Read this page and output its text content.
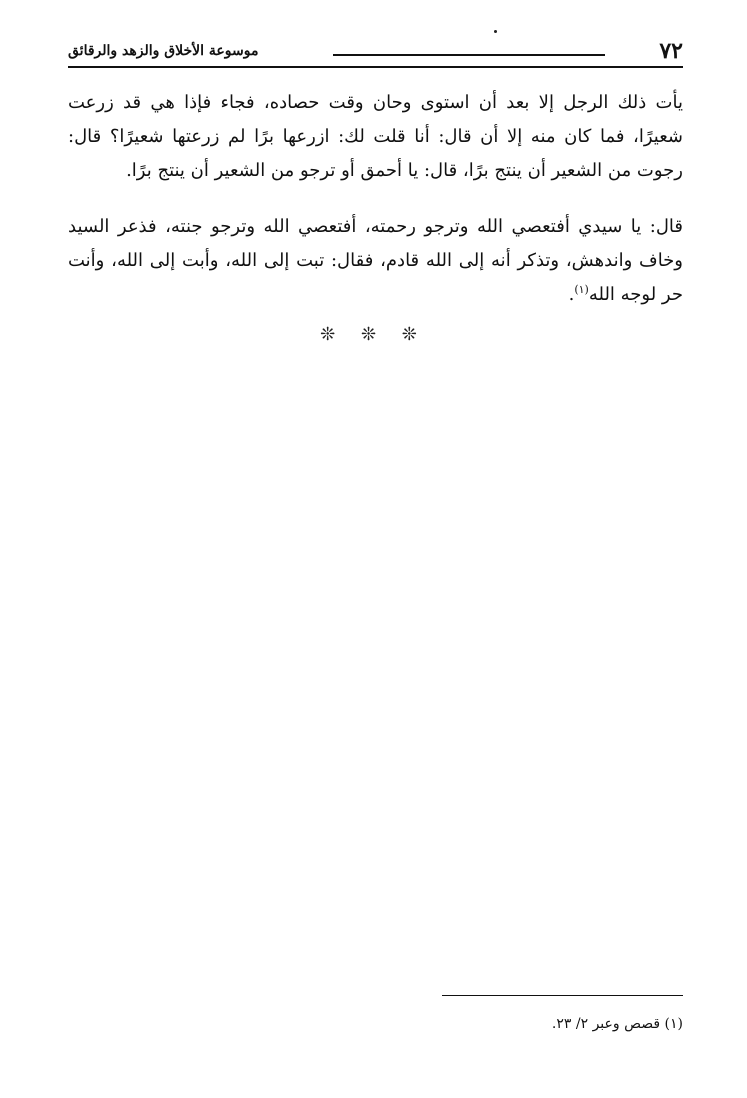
٧٢
موسوعة الأخلاق والزهد والرقائق

يأت ذلك الرجل إلا بعد أن استوى وحان وقت حصاده، فجاء فإذا هي قد زرعت شعيرًا، فما كان منه إلا أن قال: أنا قلت لك: ازرعها برًا لم زرعتها شعيرًا؟ قال: رجوت من الشعير أن ينتج برًا، قال: يا أحمق أو ترجو من الشعير أن ينتج برًا.

قال: يا سيدي أفتعصي الله وترجو رحمته، أفتعصي الله وترجو جنته، فذعر السيد وخاف واندهش، وتذكر أنه إلى الله قادم، فقال: تبت إلى الله، وأبت إلى الله، وأنت حر لوجه الله$^{(١)}$.

❊ ❊ ❊
(١) قصص وعبر ٢/ ٢٣.
